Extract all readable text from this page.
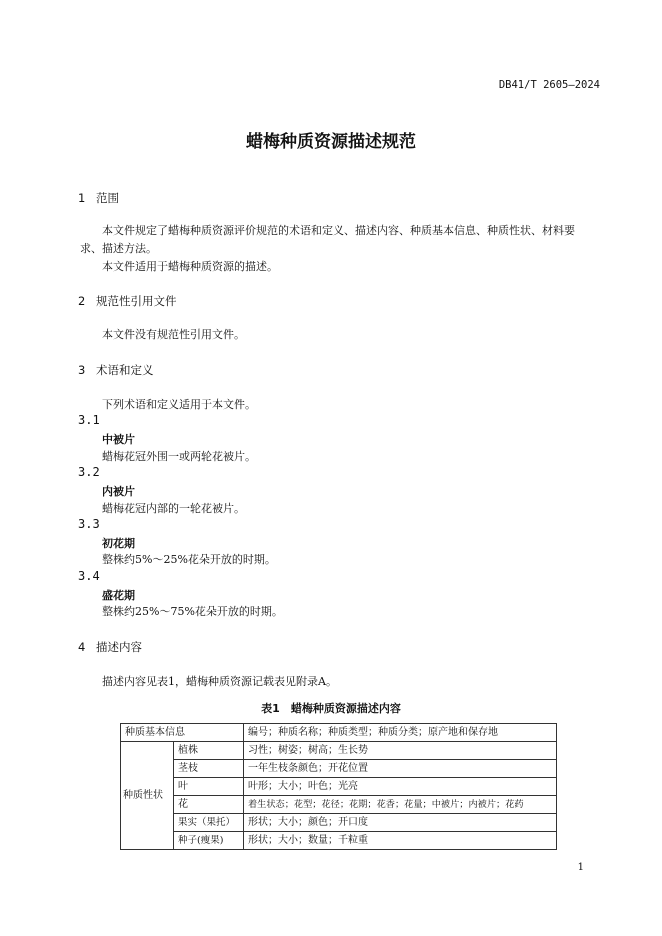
DB41/T 2605—2024
蜡梅种质资源描述规范
1 范围
本文件规定了蜡梅种质资源评价规范的术语和定义、描述内容、种质基本信息、种质性状、材料要
求、描述方法。
本文件适用于蜡梅种质资源的描述。
2 规范性引用文件
本文件没有规范性引用文件。
3 术语和定义
下列术语和定义适用于本文件。
3.1
中被片
蜡梅花冠外围一或两轮花被片。
3.2
内被片
蜡梅花冠内部的一轮花被片。
3.3
初花期
整株约5%～25%花朵开放的时期。
3.4
盛花期
整株约25%～75%花朵开放的时期。
4 描述内容
描述内容见表1，蜡梅种质资源记载表见附录A。
表1　蜡梅种质资源描述内容
种质基本信息		编号；种质名称；种质类型；种质分类；原产地和保存地
种质性状	植株	习性；树姿；树高；生长势
	茎枝	一年生枝条颜色；开花位置
	叶	叶形；大小；叶色；光亮
	花	着生状态；花型；花径；花期；花香；花量；中被片；内被片；花药
	果实（果托）	形状；大小；颜色；开口度
	种子(瘦果)	形状；大小；数量；千粒重
1
